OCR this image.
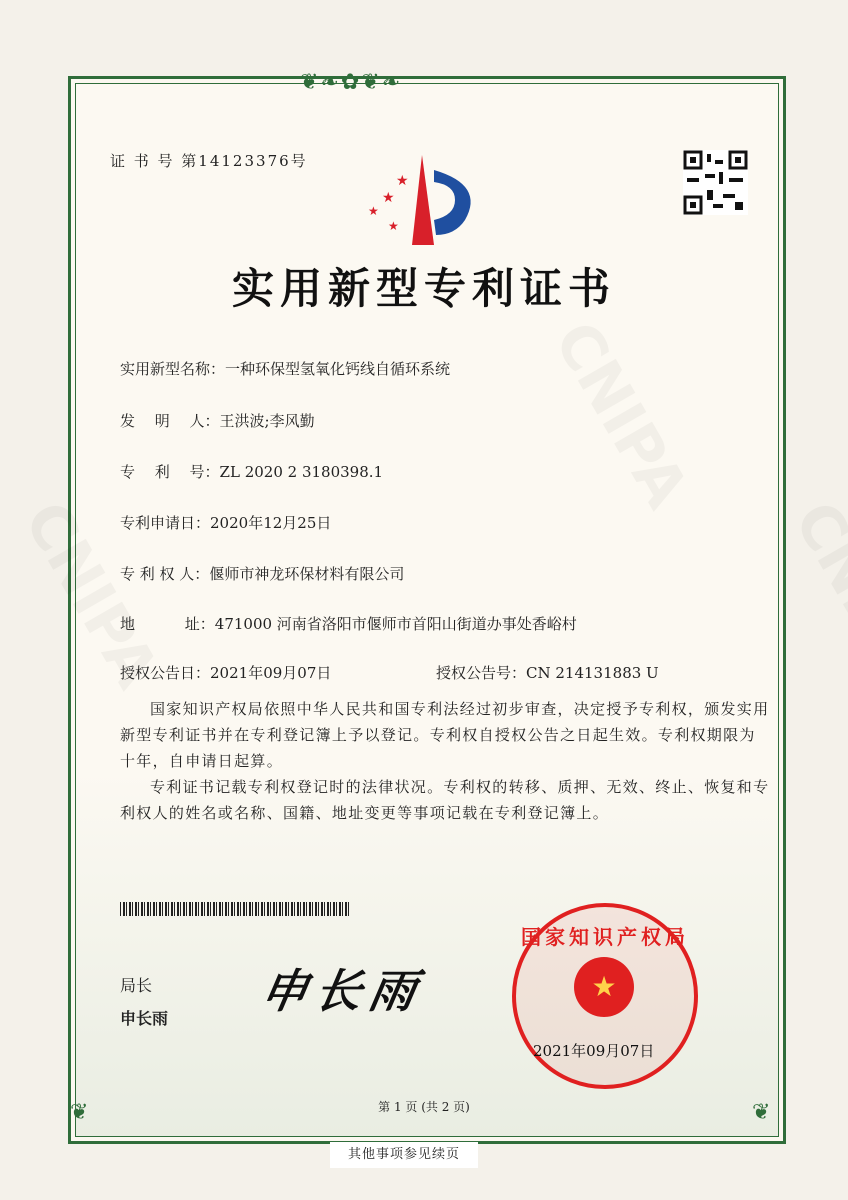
❦❧✿❦❧
❦	❦
证 书 号 第14123376号
★
★
★
★
实用新型专利证书
实用新型名称：一种环保型氢氧化钙线自循环系统
发　 明　 人：王洪波;李风勤
专　 利　 号：ZL 2020 2 3180398.1
专利申请日：2020年12月25日
专 利 权 人：偃师市神龙环保材料有限公司
地　　　 址：471000 河南省洛阳市偃师市首阳山街道办事处香峪村
授权公告日：2021年09月07日	授权公告号：CN 214131883 U
国家知识产权局依照中华人民共和国专利法经过初步审查，决定授予专利权，颁发实用新型专利证书并在专利登记簿上予以登记。专利权自授权公告之日起生效。专利权期限为十年，自申请日起算。
专利证书记载专利权登记时的法律状况。专利权的转移、质押、无效、终止、恢复和专利权人的姓名或名称、国籍、地址变更等事项记载在专利登记簿上。
局长
申长雨
申长雨
国家知识产权局
★
2021年09月07日
第 1 页 (共 2 页)
其他事项参见续页
